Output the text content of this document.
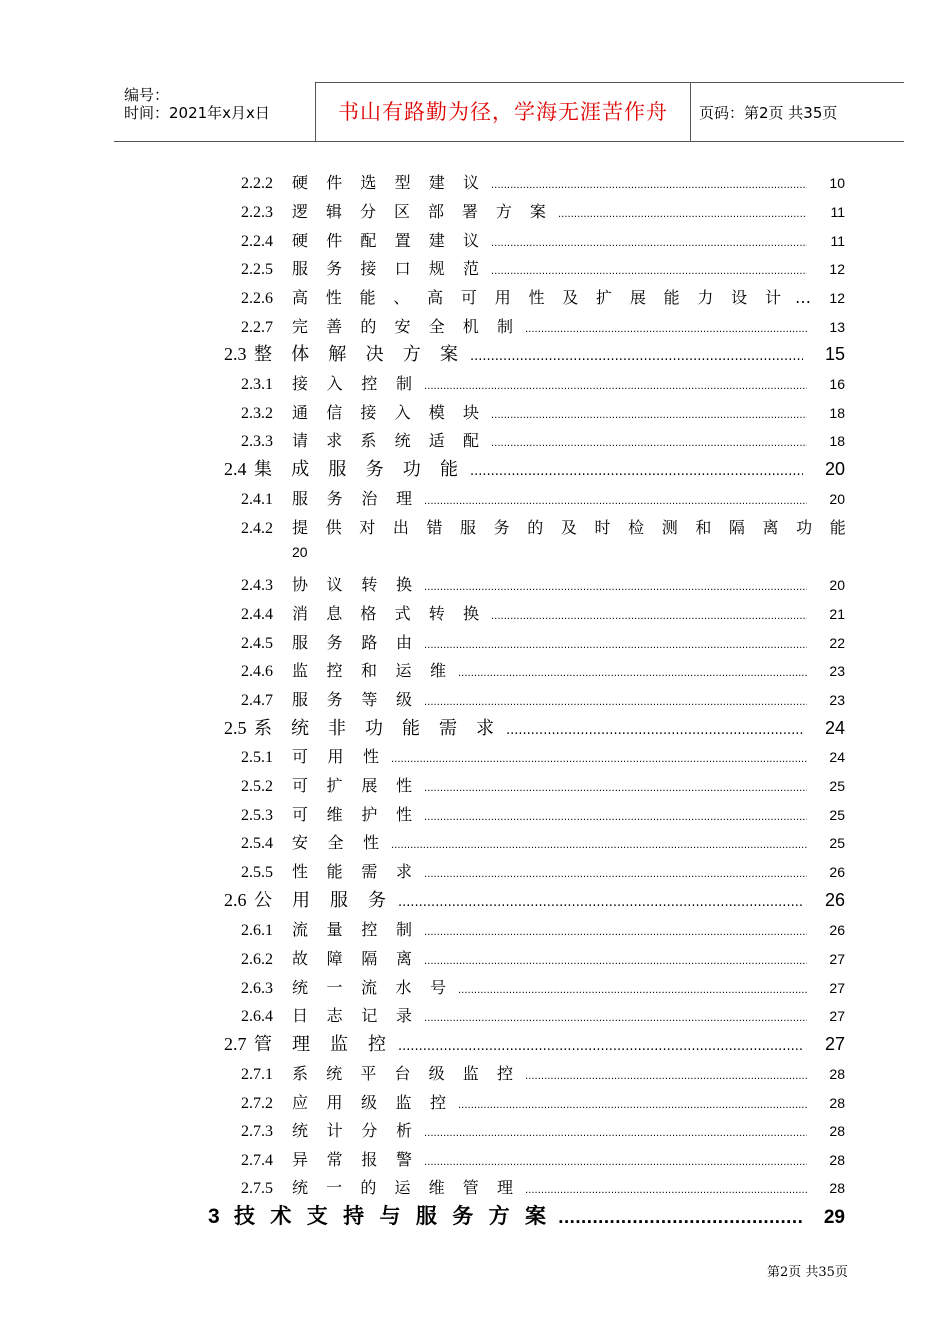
编号：
时间：2021年x月x日	书山有路勤为径，学海无涯苦作舟	页码：第2页 共35页
2.2.2	硬 件 选 型 建 议 .....	10
2.2.3	逻 辑 分 区 部 署 方 案 .....	11
2.2.4	硬 件 配 置 建 议 .....	11
2.2.5	服 务 接 口 规 范 .....	12
2.2.6	高 性 能 、 高 可 用 性 及 扩 展 能 力 设 计 …	12
2.2.7	完 善 的 安 全 机 制 .....	13
2.3 整 体 解 决 方 案 .....	15
2.3.1	接 入 控 制 .....	16
2.3.2	通 信 接 入 模 块 .....	18
2.3.3	请 求 系 统 适 配 .....	18
2.4 集 成 服 务 功 能 .....	20
2.4.1	服 务 治 理 .....	20
2.4.2	提 供 对 出 错 服 务 的 及 时 检 测 和 隔 离 功 能
20
2.4.3	协 议 转 换 .....	20
2.4.4	消 息 格 式 转 换 .....	21
2.4.5	服 务 路 由 .....	22
2.4.6	监 控 和 运 维 .....	23
2.4.7	服 务 等 级 .....	23
2.5 系 统 非 功 能 需 求 .....	24
2.5.1	可 用 性 .....	24
2.5.2	可 扩 展 性 .....	25
2.5.3	可 维 护 性 .....	25
2.5.4	安 全 性 .....	25
2.5.5	性 能 需 求 .....	26
2.6 公 用 服 务 .....	26
2.6.1	流 量 控 制 .....	26
2.6.2	故 障 隔 离 .....	27
2.6.3	统 一 流 水 号 .....	27
2.6.4	日 志 记 录 .....	27
2.7 管 理 监 控 .....	27
2.7.1	系 统 平 台 级 监 控 .....	28
2.7.2	应 用 级 监 控 .....	28
2.7.3	统 计 分 析 .....	28
2.7.4	异 常 报 警 .....	28
2.7.5	统 一 的 运 维 管 理 .....	28
3 技 术 支 持 与 服 务 方 案 .....	29
第2页 共35页
